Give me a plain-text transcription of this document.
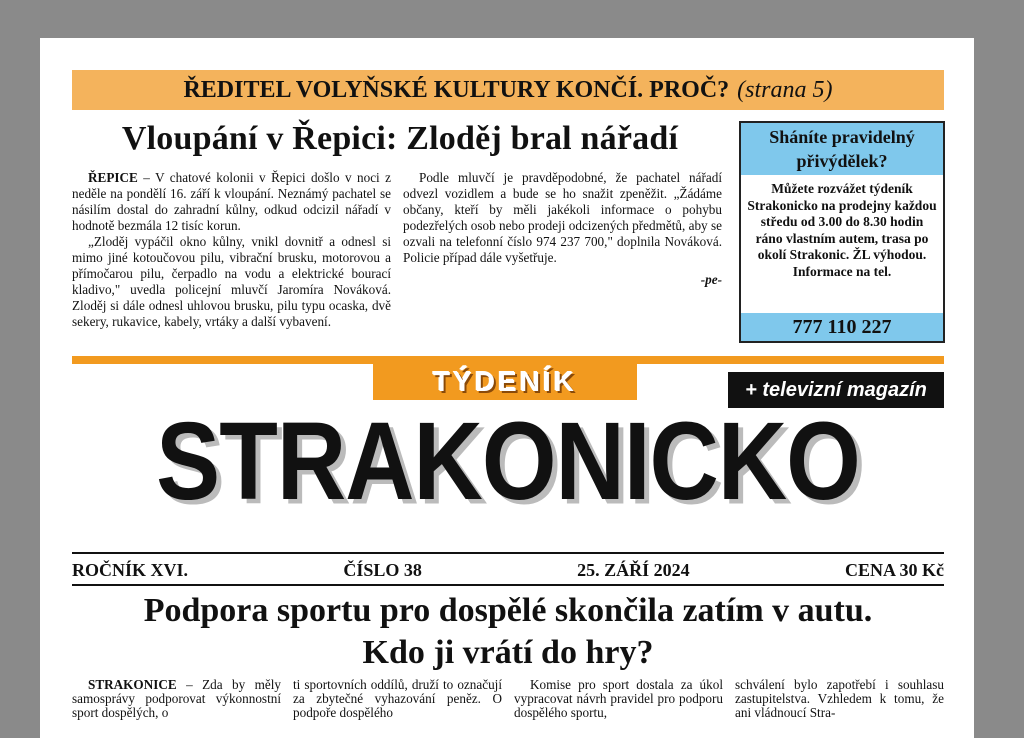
ŘEDITEL VOLYŇSKÉ KULTURY KONČÍ. PROČ? (strana 5)
Vloupání v Řepici: Zloděj bral nářadí

ŘEPICE – V chatové kolonii v Řepici došlo v noci z neděle na pondělí 16. září k vloupání. Neznámý pachatel se násilím dostal do zahradní kůlny, odkud odcizil nářadí v hodnotě bezmála 12 tisíc korun.

„Zloděj vypáčil okno kůlny, vnikl dovnitř a odnesl si mimo jiné kotoučovou pilu, vibrační brusku, motorovou a přímočarou pilu, čerpadlo na vodu a elektrické bourací kladivo," uvedla policejní mluvčí Jaromíra Nováková. Zloděj si dále odnesl uhlovou brusku, pilu typu ocaska, dvě sekery, rukavice, kabely, vrtáky a další vybavení.

Podle mluvčí je pravděpodobné, že pachatel nářadí odvezl vozidlem a bude se ho snažit zpeněžit. „Žádáme občany, kteří by měli jakékoli informace o pohybu podezřelých osob nebo prodeji odcizených předmětů, aby se ozvali na telefonní číslo 974 237 700," doplnila Nováková. Policie případ dále vyšetřuje.

-pe-
Sháníte pravidelný přivýdělek?
Můžete rozvážet týdeník Strakonicko na prodejny každou středu od 3.00 do 8.30 hodin ráno vlastním autem, trasa po okolí Strakonic. ŽL výhodou. Informace na tel.
777 110 227
TÝDENÍK	+ televizní magazín
STRAKONICKO
ROČNÍK XVI.	ČÍSLO 38	25. ZÁŘÍ 2024	CENA 30 Kč
Podpora sportu pro dospělé skončila zatím v autu.
Kdo ji vrátí do hry?

STRAKONICE – Zda by měly samosprávy podporovat výkonnostní sport dospělých, o

ti sportovních oddílů, druží to označují za zbytečné vyhazování peněz. O podpoře dospělého

Komise pro sport dostala za úkol vypracovat návrh pravidel pro podporu dospělého sportu,

schválení bylo zapotřebí i souhlasu zastupitelstva. Vzhledem k tomu, že ani vládnoucí Stra-
